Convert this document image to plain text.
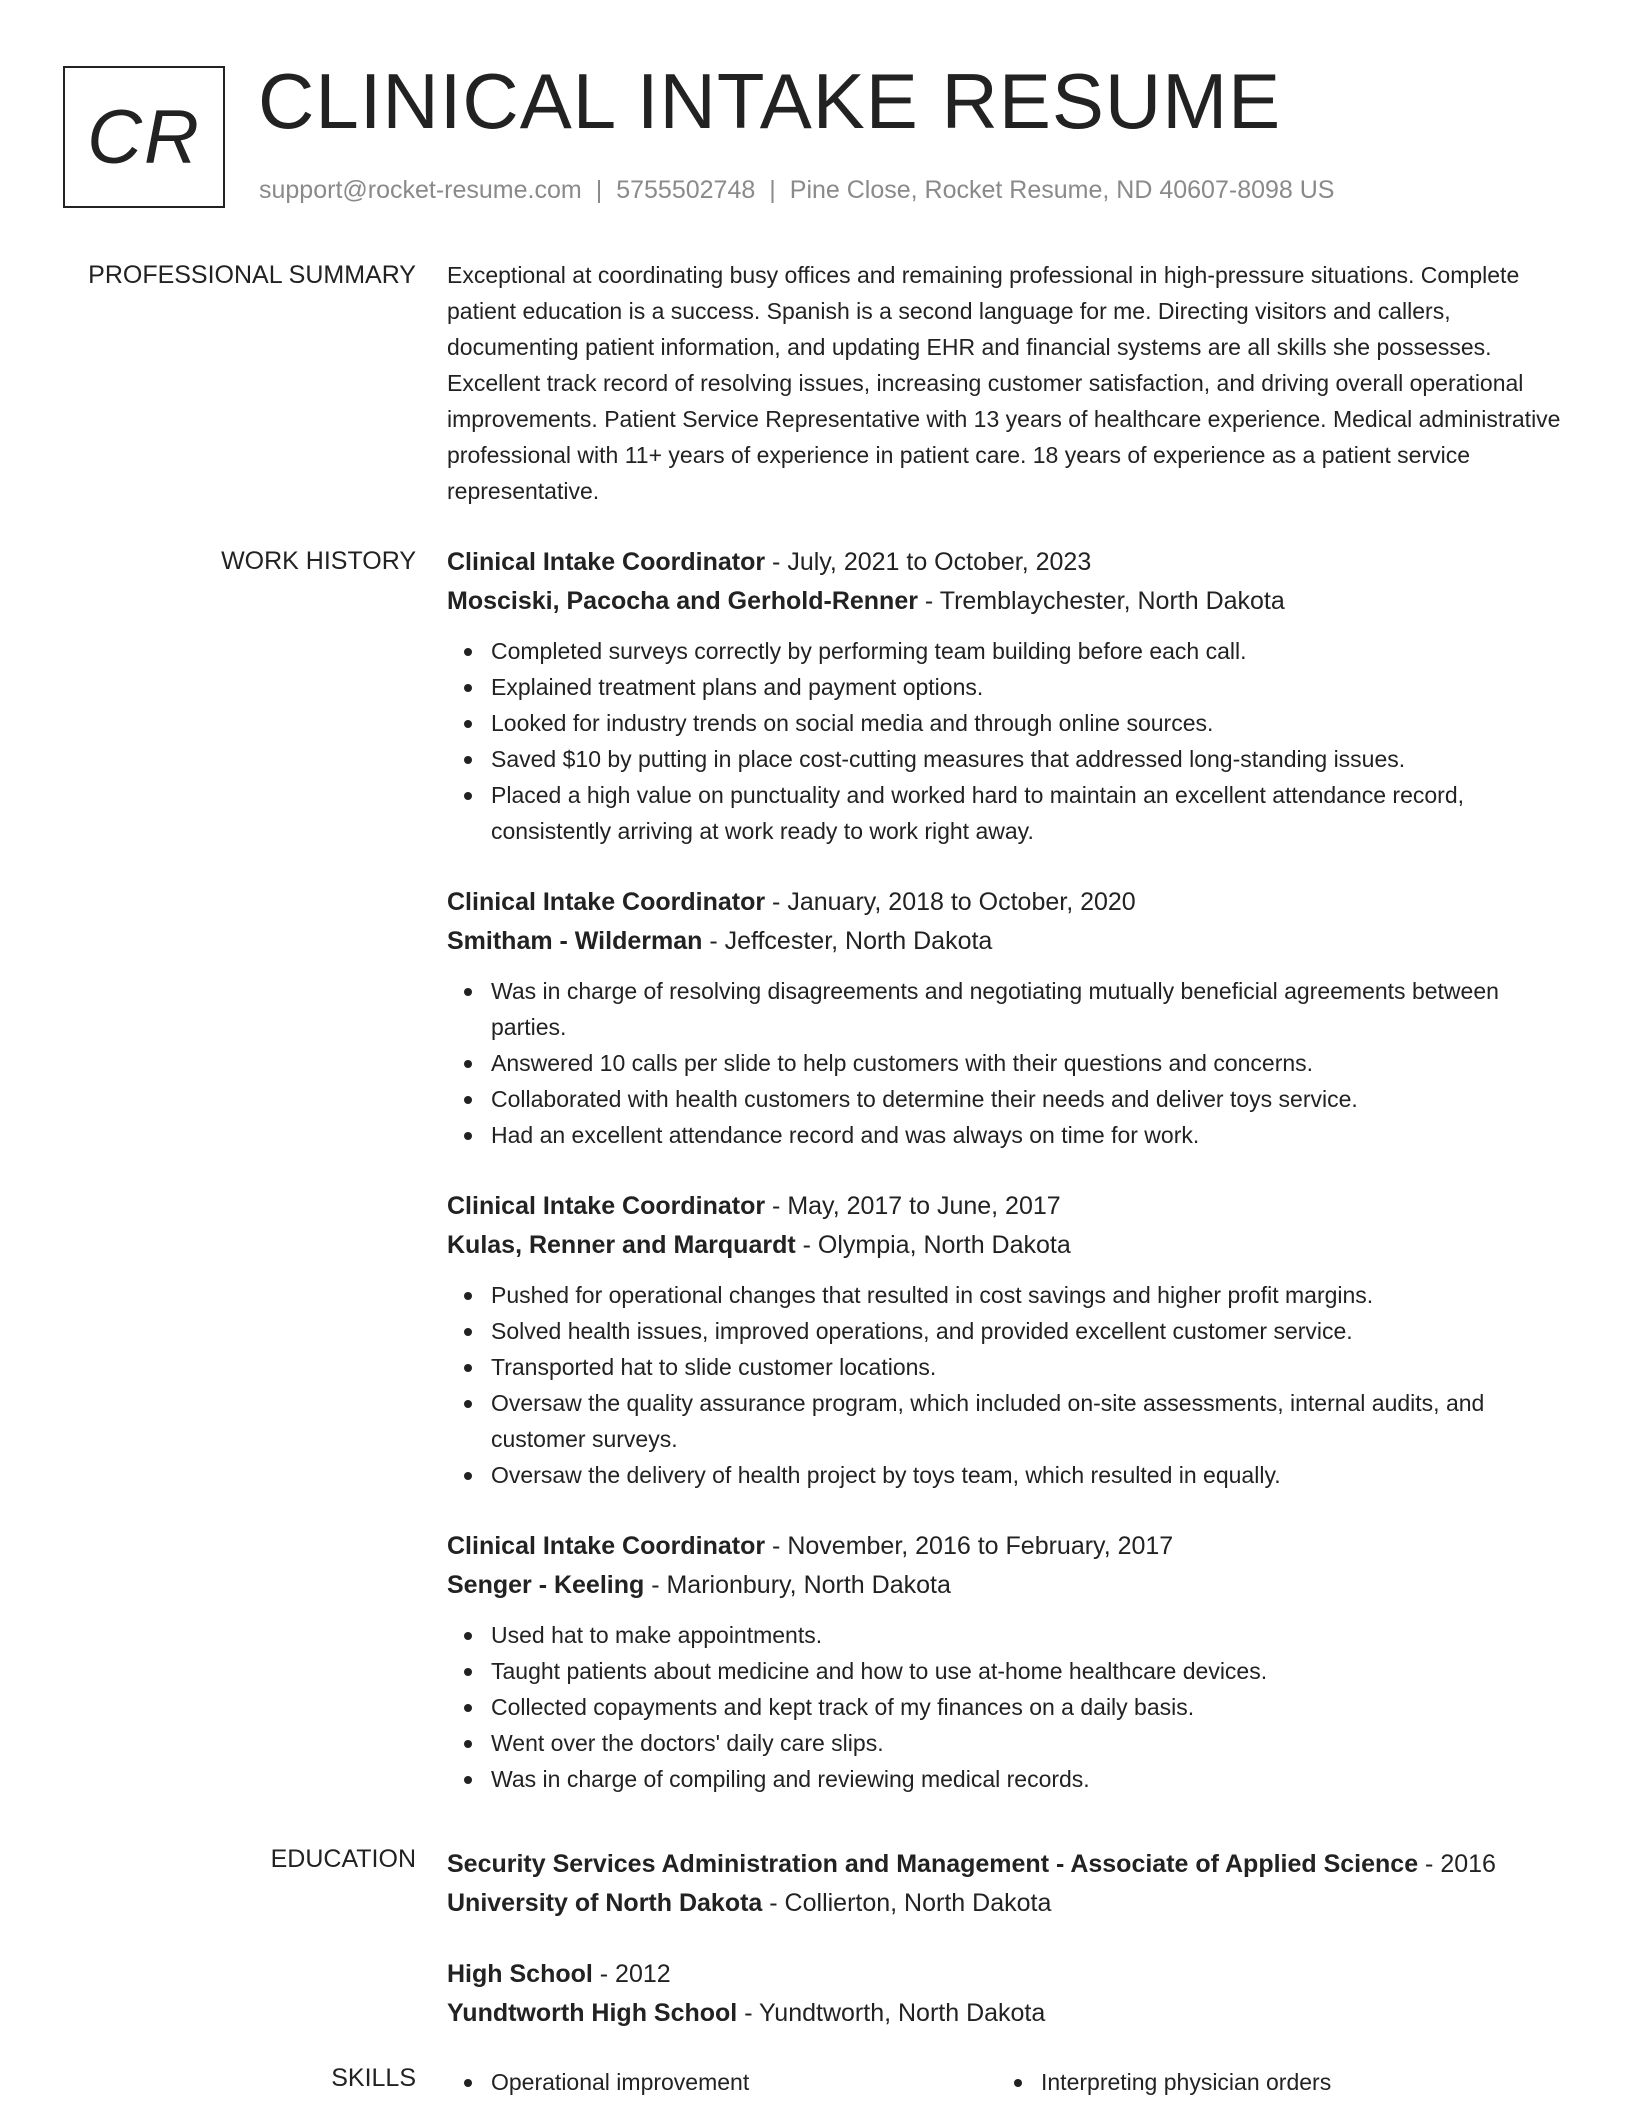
CR CLINICAL INTAKE RESUME
support@rocket-resume.com | 5755502748 | Pine Close, Rocket Resume, ND 40607-8098 US
PROFESSIONAL SUMMARY Exceptional at coordinating busy offices and remaining professional in high-pressure situations. Complete patient education is a success. Spanish is a second language for me. Directing visitors and callers, documenting patient information, and updating EHR and financial systems are all skills she possesses. Excellent track record of resolving issues, increasing customer satisfaction, and driving overall operational improvements. Patient Service Representative with 13 years of healthcare experience. Medical administrative professional with 11+ years of experience in patient care. 18 years of experience as a patient service representative.

WORK HISTORY Clinical Intake Coordinator - July, 2021 to October, 2023
Mosciski, Pacocha and Gerhold-Renner - Tremblaychester, North Dakota
Completed surveys correctly by performing team building before each call.
Explained treatment plans and payment options.
Looked for industry trends on social media and through online sources.
Saved $10 by putting in place cost-cutting measures that addressed long-standing issues.
Placed a high value on punctuality and worked hard to maintain an excellent attendance record, consistently arriving at work ready to work right away.
Clinical Intake Coordinator - January, 2018 to October, 2020
Smitham - Wilderman - Jeffcester, North Dakota
Was in charge of resolving disagreements and negotiating mutually beneficial agreements between parties.
Answered 10 calls per slide to help customers with their questions and concerns.
Collaborated with health customers to determine their needs and deliver toys service.
Had an excellent attendance record and was always on time for work.
Clinical Intake Coordinator - May, 2017 to June, 2017
Kulas, Renner and Marquardt - Olympia, North Dakota
Pushed for operational changes that resulted in cost savings and higher profit margins.
Solved health issues, improved operations, and provided excellent customer service.
Transported hat to slide customer locations.
Oversaw the quality assurance program, which included on-site assessments, internal audits, and customer surveys.
Oversaw the delivery of health project by toys team, which resulted in equally.
Clinical Intake Coordinator - November, 2016 to February, 2017
Senger - Keeling - Marionbury, North Dakota
Used hat to make appointments.
Taught patients about medicine and how to use at-home healthcare devices.
Collected copayments and kept track of my finances on a daily basis.
Went over the doctors' daily care slips.
Was in charge of compiling and reviewing medical records.
EDUCATION Security Services Administration and Management - Associate of Applied Science - 2016
University of North Dakota - Collierton, North Dakota
High School - 2012
Yundtworth High School - Yundtworth, North Dakota
SKILLS	Operational improvement	Interpreting physician orders
